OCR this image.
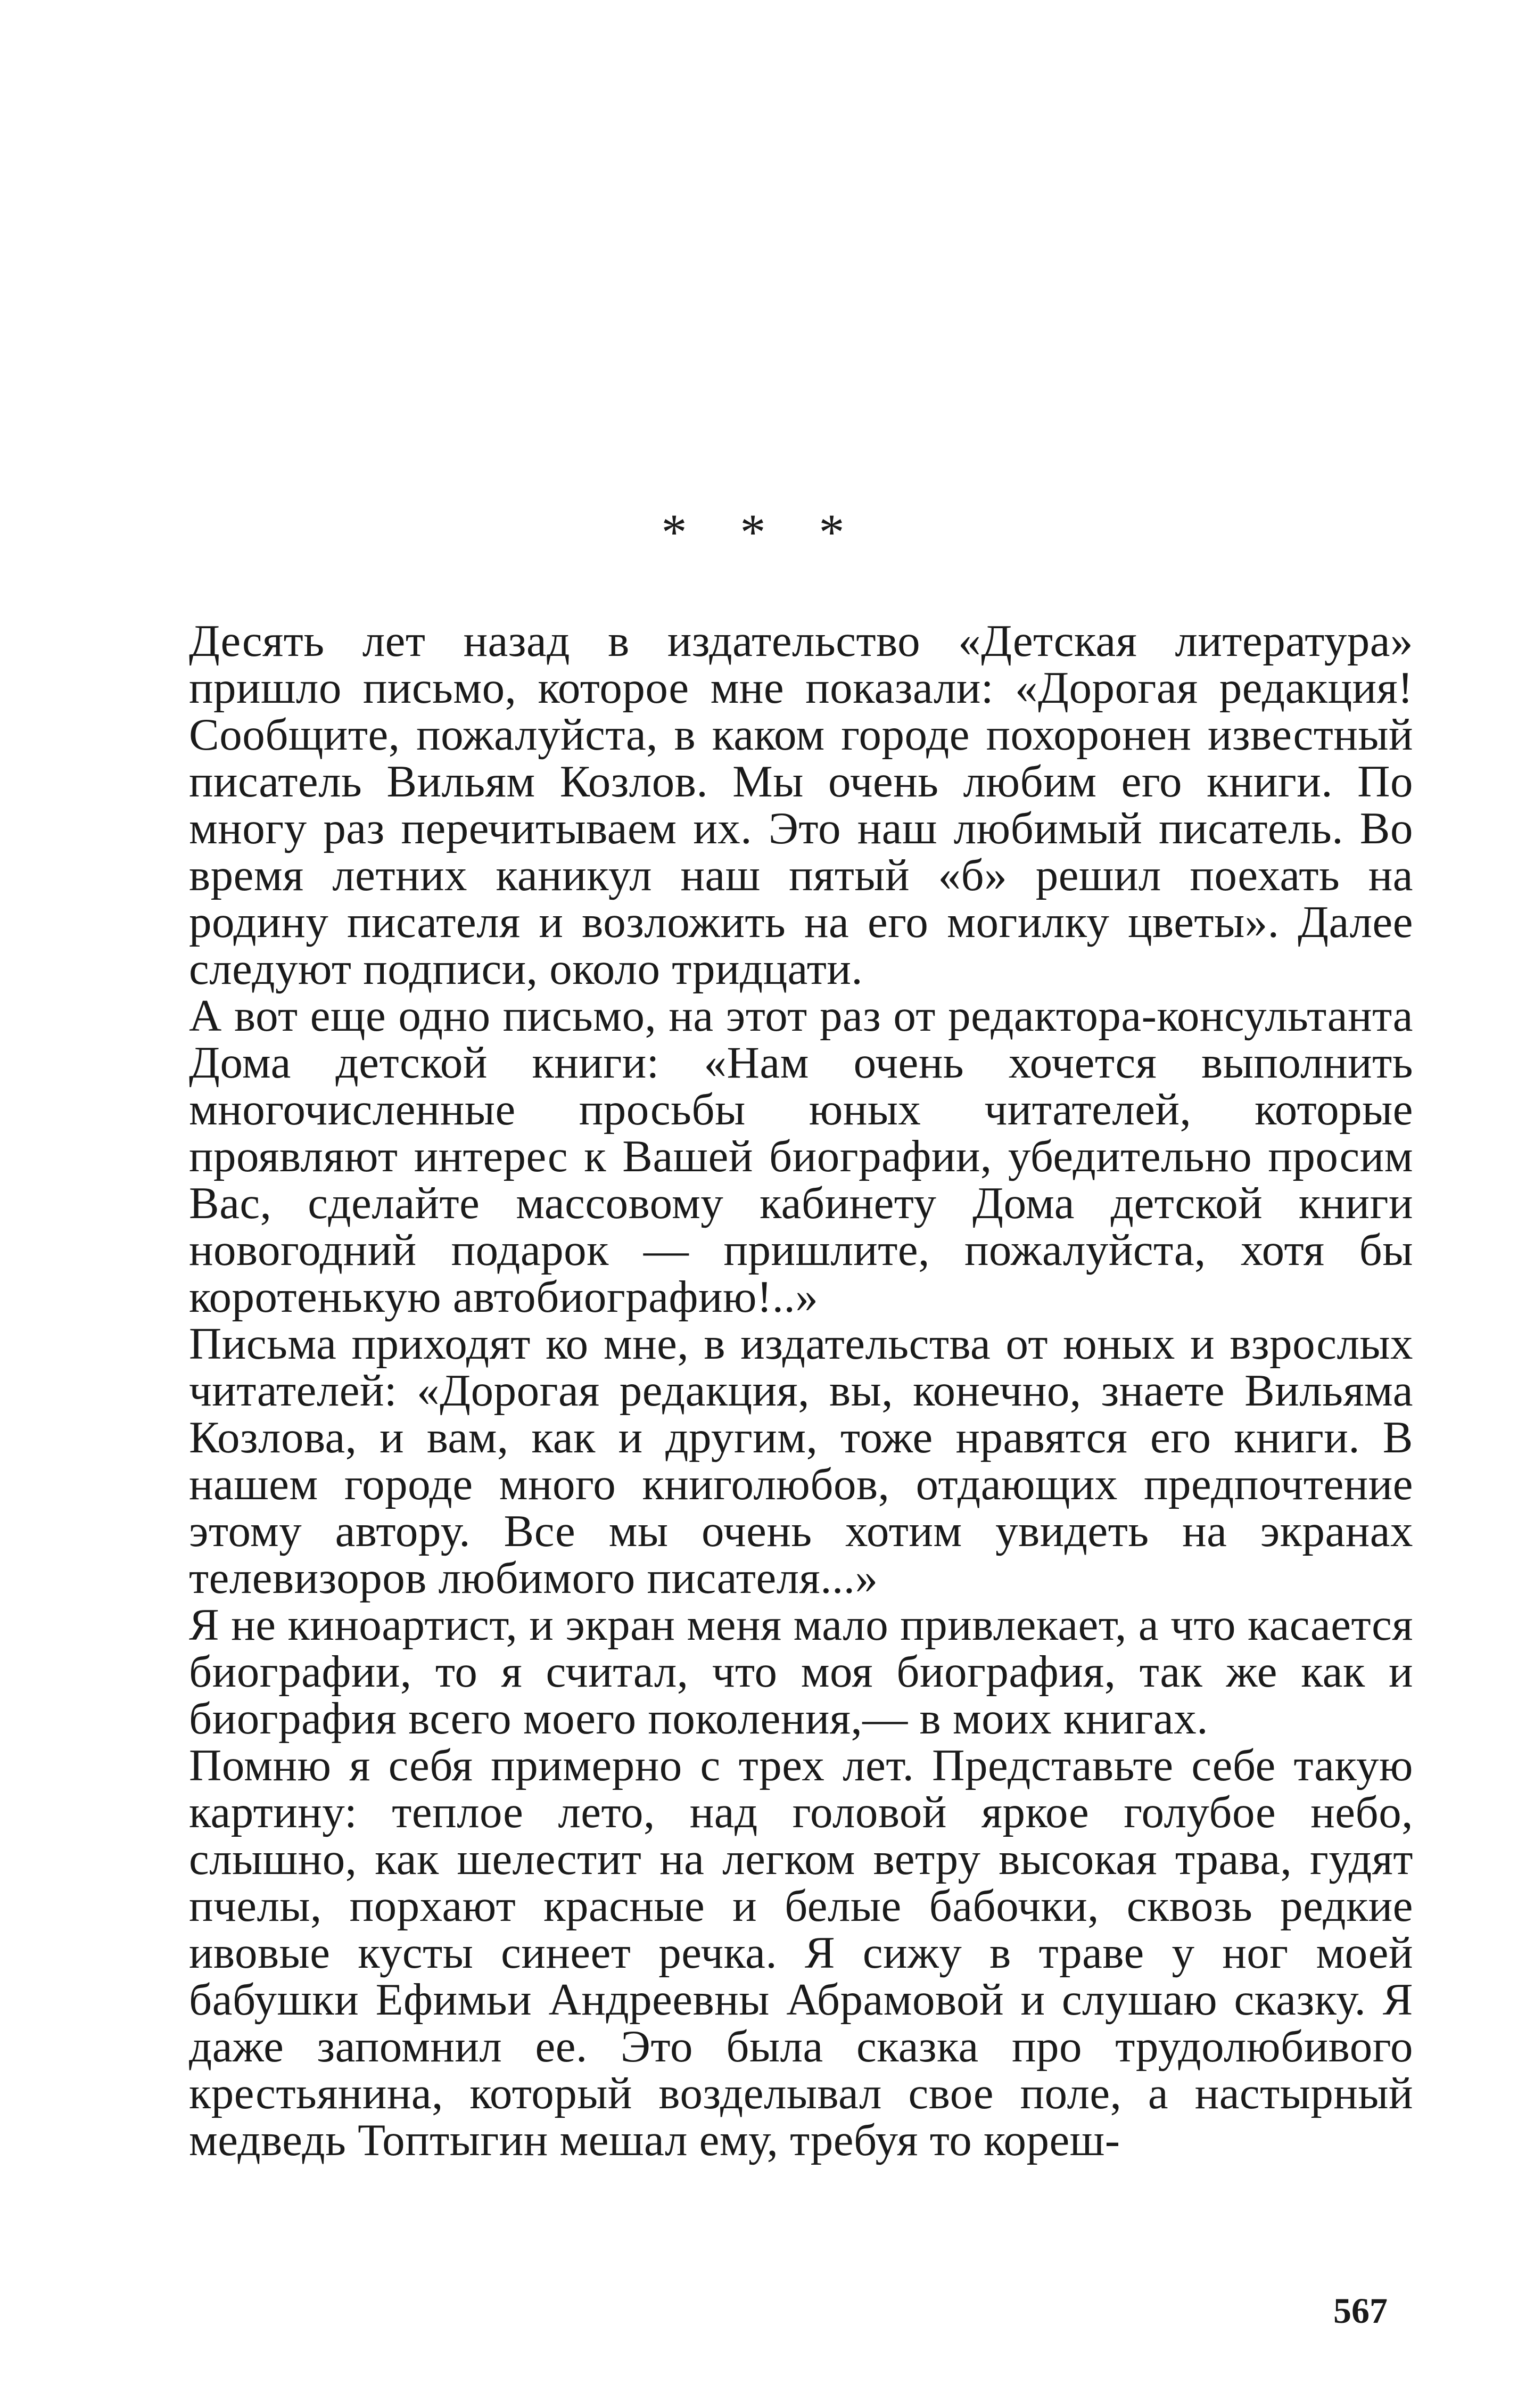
* * *

Десять лет назад в издательство «Детская литература» пришло письмо, которое мне показали: «Дорогая редакция! Сообщите, пожалуйста, в каком городе похоронен известный писатель Вильям Козлов. Мы очень любим его книги. По многу раз перечитываем их. Это наш любимый писатель. Во время летних каникул наш пятый «б» решил поехать на родину писателя и возложить на его могилку цветы». Далее следуют подписи, около тридцати.

А вот еще одно письмо, на этот раз от редактора-консультанта Дома детской книги: «Нам очень хочется выполнить многочисленные просьбы юных читателей, которые проявляют интерес к Вашей биографии, убедительно просим Вас, сделайте массовому кабинету Дома детской книги новогодний подарок — пришлите, пожалуйста, хотя бы коротенькую автобиографию!..»

Письма приходят ко мне, в издательства от юных и взрослых читателей: «Дорогая редакция, вы, конечно, знаете Вильяма Козлова, и вам, как и другим, тоже нравятся его книги. В нашем городе много книголюбов, отдающих предпочтение этому автору. Все мы очень хотим увидеть на экранах телевизоров любимого писателя...»

Я не киноартист, и экран меня мало привлекает, а что касается биографии, то я считал, что моя биография, так же как и биография всего моего поколения,— в моих книгах.

Помню я себя примерно с трех лет. Представьте себе такую картину: теплое лето, над головой яркое голубое небо, слышно, как шелестит на легком ветру высокая трава, гудят пчелы, порхают красные и белые бабочки, сквозь редкие ивовые кусты синеет речка. Я сижу в траве у ног моей бабушки Ефимьи Андреевны Абрамовой и слушаю сказку. Я даже запомнил ее. Это была сказка про трудолюбивого крестьянина, который возделывал свое поле, а настырный медведь Топтыгин мешал ему, требуя то кореш-

567
